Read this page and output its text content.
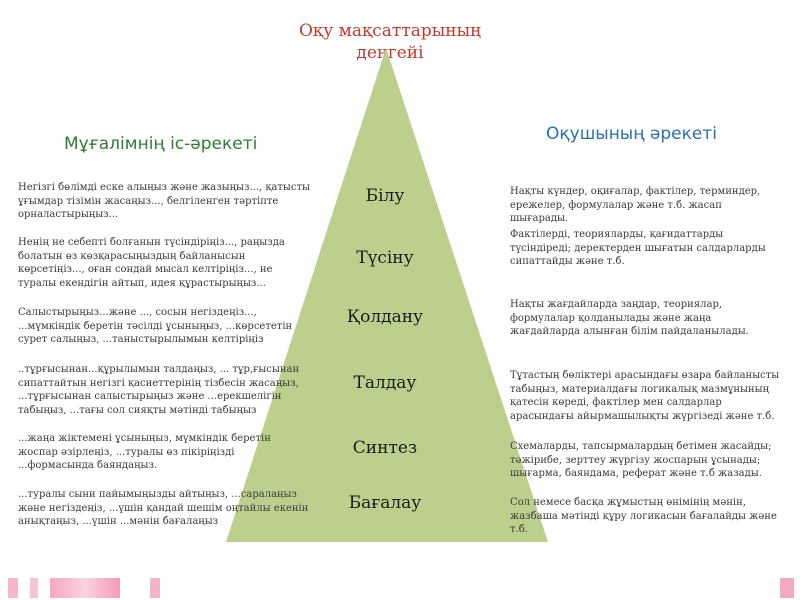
Оқу мақсаттарының
деңгейі
Білу
Түсіну
Қолдану
Талдау
Синтез
Бағалау
Мұғалімнің іс-әрекеті	Оқушының әрекеті
Негізгі бөлімді еске алыңыз және жазыңыз..., қатысты ұғымдар тізімін жасаңыз..., белгіленген тәртіпте орналастырыңыз...
Ненің не себепті болғанын түсіндіріңіз..., раңызда болатын өз көзқарасыңыздың байланысын көрсетіңіз..., оған сондай мысал келтіріңіз..., не туралы екендігін айтып, идея құрастырыңыз...
Салыстырыңыз...және ..., сосын негіздеңіз..., ...мүмкіндік беретін тәсілді ұсыныңыз, ...көрсететін сурет салыңыз, ...таныстырылымын келтіріңіз
..тұрғысынан...құрылымын талдаңыз, ... тұр,ғысынан сипаттайтын негізгі қасиеттерінің тізбесін жасаңыз, ...тұрғысынан салыстырыңыз және ...ерекшелігін табыңыз, ...тағы сол сияқты мәтінді табыңыз
...жаңа жіктемені ұсыныңыз, мүмкіндік беретін жоспар әзірлеңіз, ...туралы өз пікіріңізді ...формасында баяндаңыз.
...туралы сыни пайымыңызды айтыңыз, ...саралаңыз және негіздеңіз, ...үшін қандай шешім оңтайлы екенін анықтаңыз, ...үшін ...мәнін бағалаңыз
Нақты күндер, оқиғалар, фактілер, терминдер, ережелер, формулалар және т.б. жасап шығарады.
Фактілерді, теорияларды, қағидаттарды түсіндіреді; деректерден шығатын салдарларды сипаттайды және т.б.
Нақты жағдайларда заңдар, теориялар, формулалар қолданылады және жаңа жағдайларда алынған білім пайдаланылады.
Тұтастың бөліктері арасындағы өзара байланысты табыңыз, материалдағы логикалық мазмұнының қатесін көреді, фактілер мен салдарлар арасындағы айырмашылықты жүргізеді және т.б.
Схемаларды, тапсырмалардың бетімен жасайды; тәжірибе, зерттеу жүргізу жоспарын ұсынады; шығарма, баяндама, реферат және т.б жазады.
Сол немесе басқа жұмыстың өнімінің мәнін, жазбаша мәтінді құру логикасын бағалайды және т.б.
